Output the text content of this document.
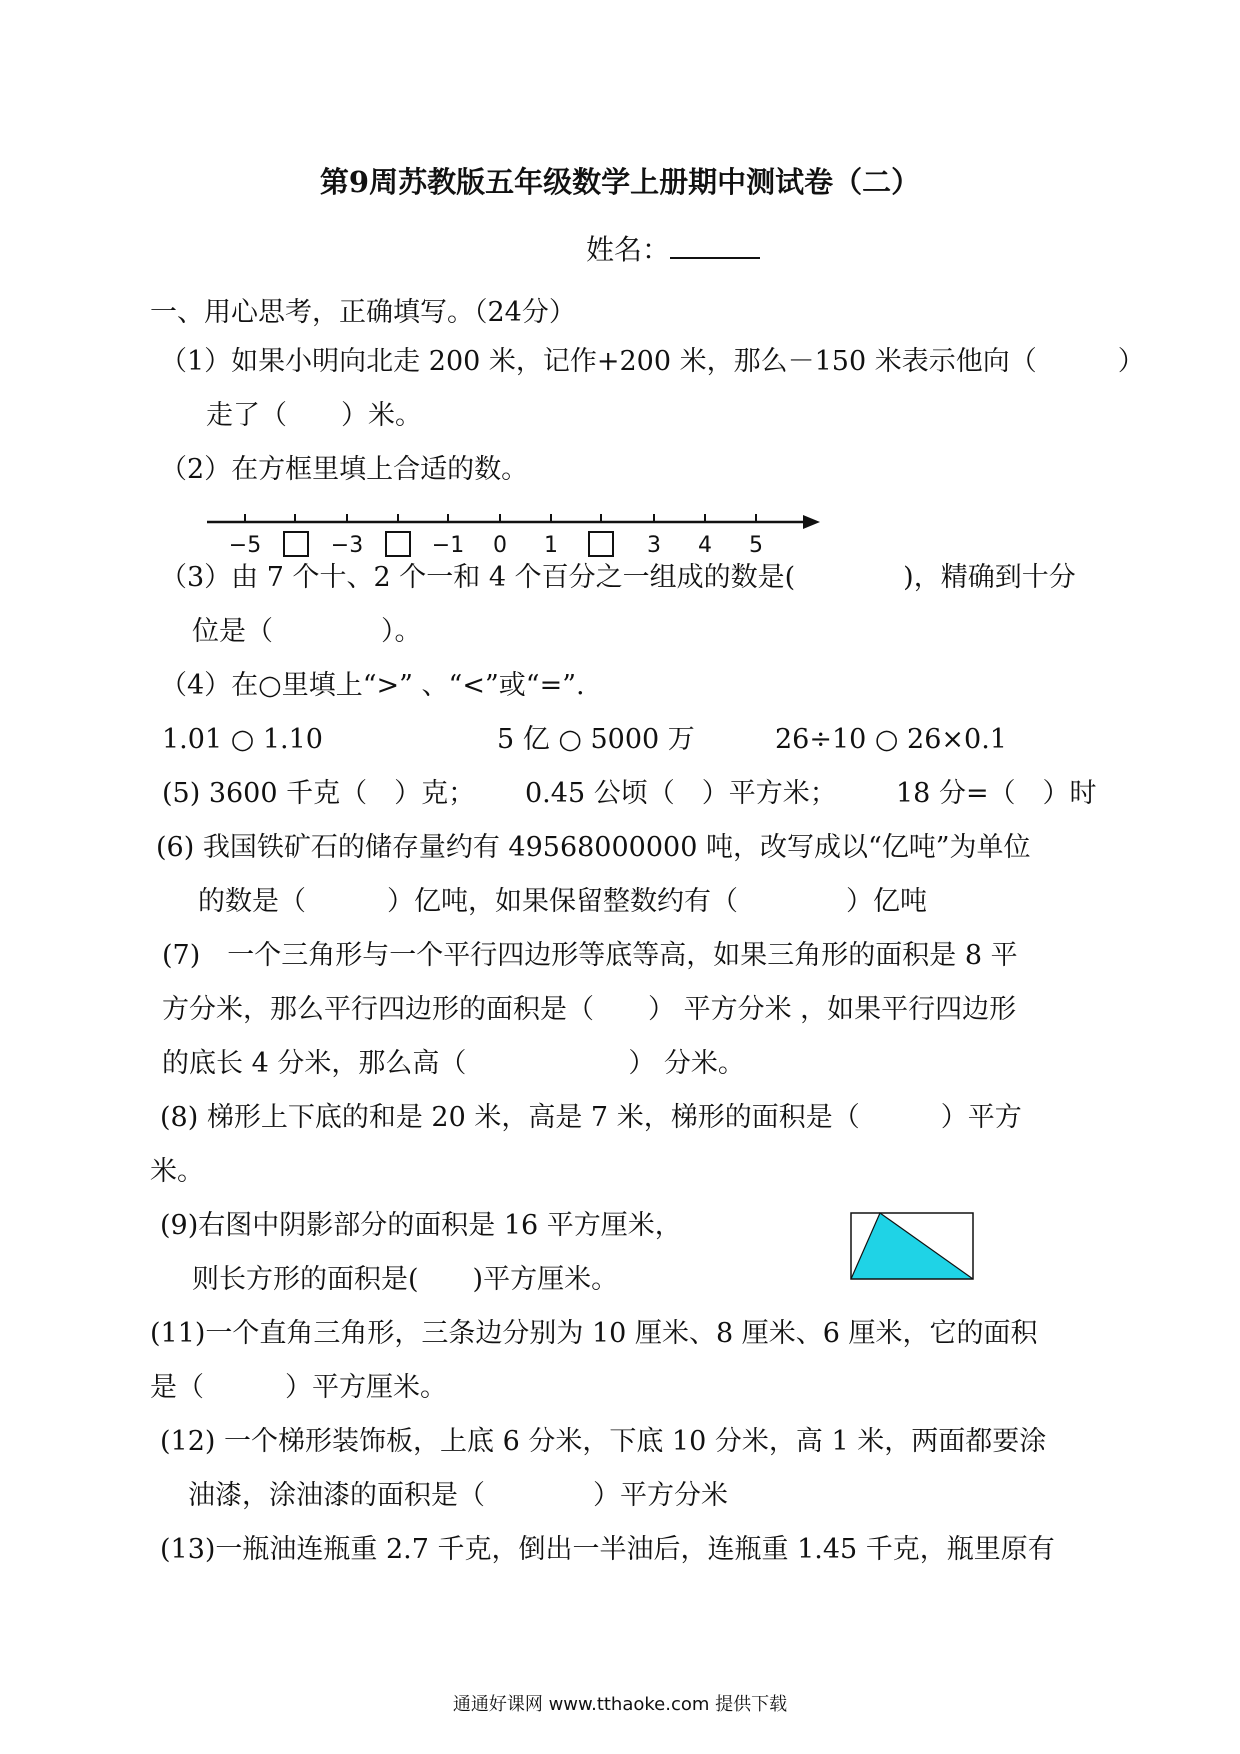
第9周苏教版五年级数学上册期中测试卷（二）
姓名：
一、用心思考，正确填写。（24分）
（1）如果小明向北走 200 米，记作+200 米，那么－150 米表示他向（　　　）
走了（　　）米。
（2）在方框里填上合适的数。
−5	−3	−1 0 1	3 4 5
（3）由 7 个十、2 个一和 4 个百分之一组成的数是(　　　　)，精确到十分
位是（　　　　）。
（4）在○里填上“>” 、“<”或“=”.
1.01 ○ 1.10	5 亿 ○ 5000 万	26÷10 ○ 26×0.1
(5) 3600 千克（　）克； 0.45 公顷（　）平方米； 18 分=（　）时
(6) 我国铁矿石的储存量约有 49568000000 吨，改写成以“亿吨”为单位
的数是（　　　）亿吨，如果保留整数约有（　　　　）亿吨
(7)　一个三角形与一个平行四边形等底等高，如果三角形的面积是 8 平
方分米，那么平行四边形的面积是（　　） 平方分米 ，如果平行四边形
的底长 4 分米，那么高（　　　　　　） 分米。
(8) 梯形上下底的和是 20 米，高是 7 米，梯形的面积是（　　　）平方
米。
(9)右图中阴影部分的面积是 16 平方厘米，
则长方形的面积是(　　)平方厘米。
(11)一个直角三角形，三条边分别为 10 厘米、8 厘米、6 厘米，它的面积
是（　　　）平方厘米。
(12) 一个梯形装饰板，上底 6 分米，下底 10 分米，高 1 米，两面都要涂
油漆，涂油漆的面积是（　　　　）平方分米
(13)一瓶油连瓶重 2.7 千克，倒出一半油后，连瓶重 1.45 千克，瓶里原有
通通好课网 www.tthaoke.com 提供下载
